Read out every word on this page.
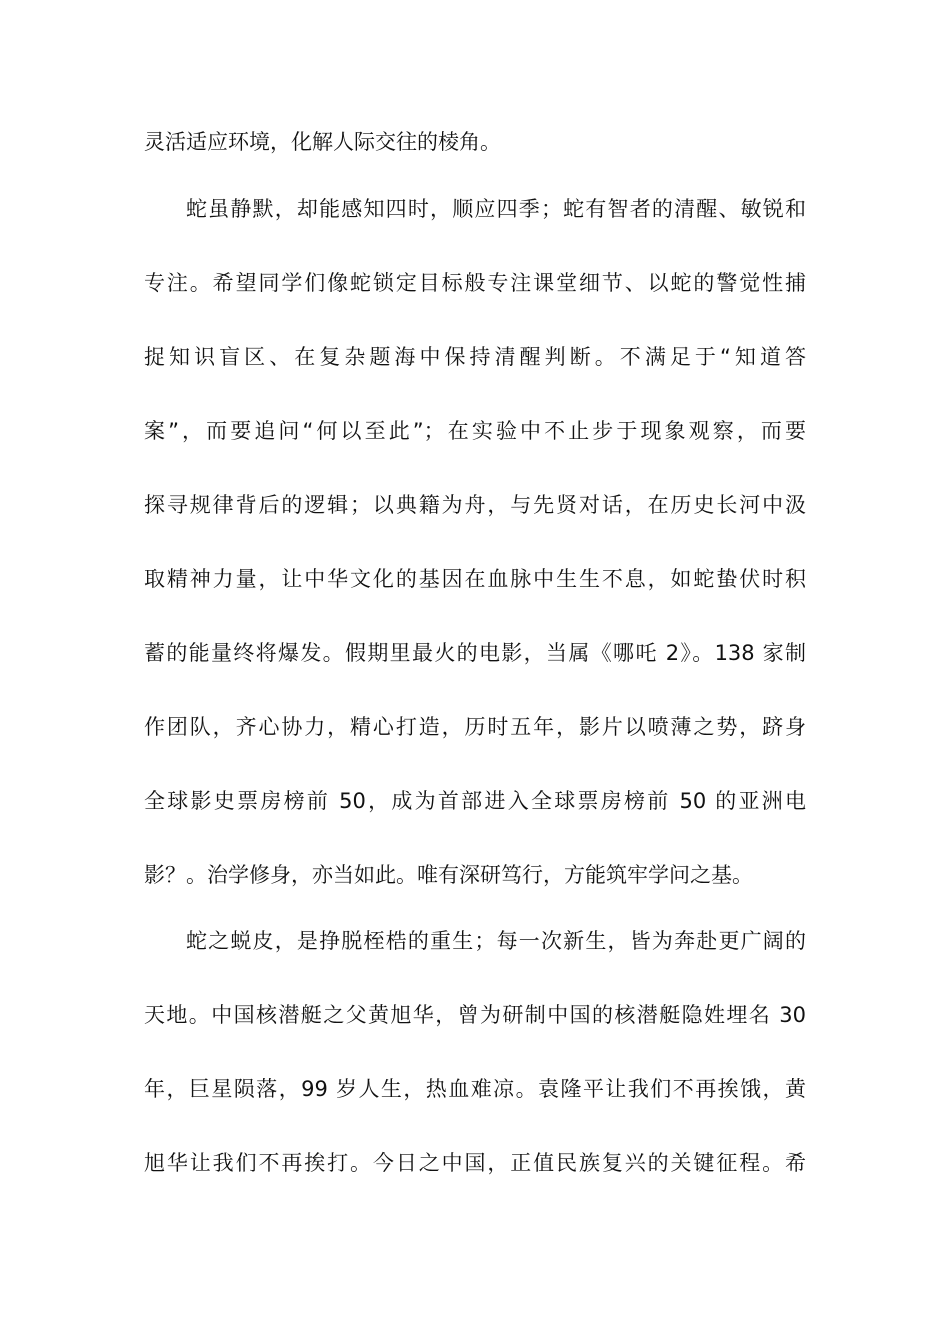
灵活适应环境，化解人际交往的棱角。
蛇虽静默，却能感知四时，顺应四季；蛇有智者的清醒、敏锐和
专注。希望同学们像蛇锁定目标般专注课堂细节、以蛇的警觉性捕
捉知识盲区、在复杂题海中保持清醒判断。不满足于“知道答
案”，而要追问“何以至此”；在实验中不止步于现象观察，而要
探寻规律背后的逻辑；以典籍为舟，与先贤对话，在历史长河中汲
取精神力量，让中华文化的基因在血脉中生生不息，如蛇蛰伏时积
蓄的能量终将爆发。假期里最火的电影，当属《哪吒 2》。138 家制
作团队，齐心协力，精心打造，历时五年，影片以喷薄之势，跻身
全球影史票房榜前 50，成为首部进入全球票房榜前 50 的亚洲电
影？。治学修身，亦当如此。唯有深研笃行，方能筑牢学问之基。
蛇之蜕皮，是挣脱桎梏的重生；每一次新生，皆为奔赴更广阔的
天地。中国核潜艇之父黄旭华，曾为研制中国的核潜艇隐姓埋名 30
年，巨星陨落，99 岁人生，热血难凉。袁隆平让我们不再挨饿，黄
旭华让我们不再挨打。今日之中国，正值民族复兴的关键征程。希
